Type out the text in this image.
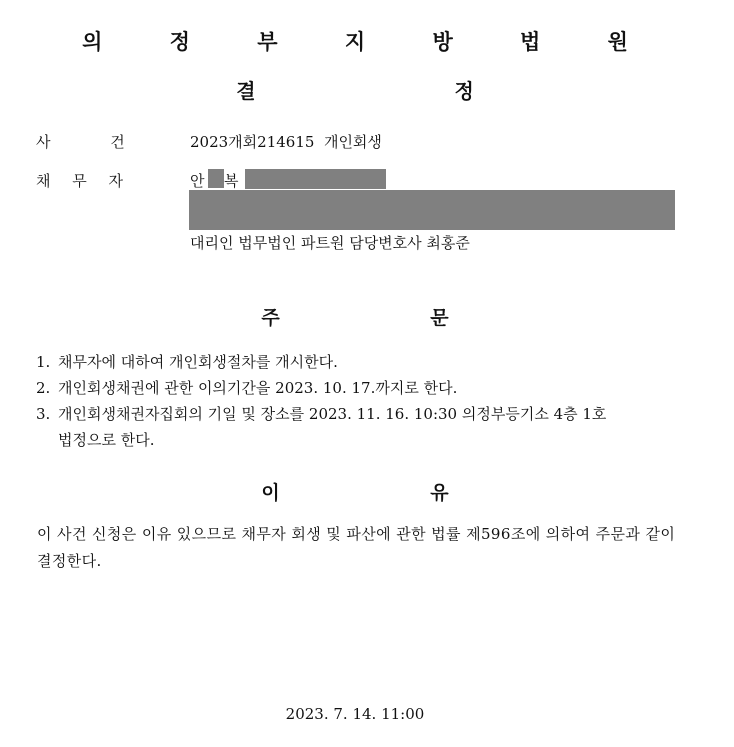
의 정 부 지 방 법 원
결 정
사 건	2023개회214615  개인회생
채 무 자	안 복
대리인 법무법인 파트원 담당변호사 최홍준
주 문
1. 채무자에 대하여 개인회생절차를 개시한다.
2. 개인회생채권에 관한 이의기간을 2023. 10. 17.까지로 한다.
3. 개인회생채권자집회의 기일 및 장소를 2023. 11. 16. 10:30 의정부등기소 4층 1호
법정으로 한다.
이 유
이 사건 신청은 이유 있으므로 채무자 회생 및 파산에 관한 법률 제596조에 의하여 주문과 같이 결정한다.
2023. 7. 14. 11:00
